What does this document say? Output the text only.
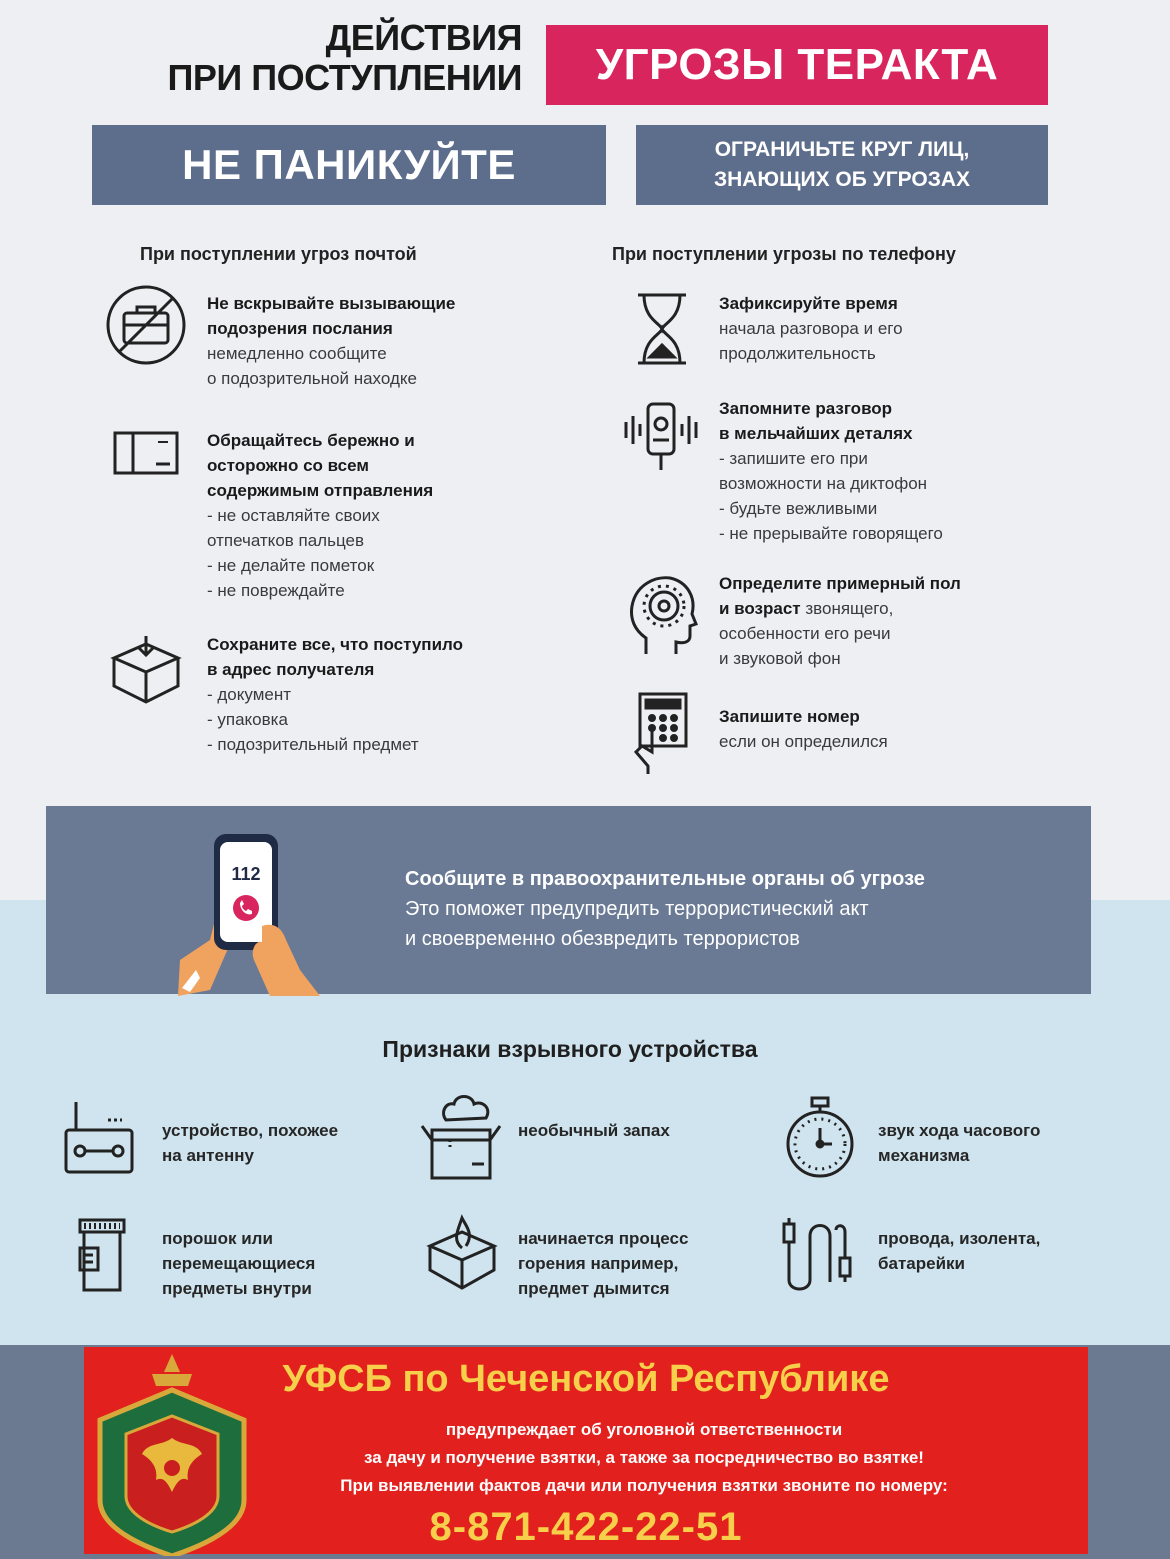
ДЕЙСТВИЯ
ПРИ ПОСТУПЛЕНИИ	УГРОЗЫ ТЕРАКТА
НЕ ПАНИКУЙТЕ	ОГРАНИЧЬТЕ КРУГ ЛИЦ,
ЗНАЮЩИХ ОБ УГРОЗАХ
При поступлении угроз почтой
Не вскрывайте вызывающие
подозрения послания
немедленно сообщите
о подозрительной находке
Обращайтесь бережно и
осторожно со всем
содержимым отправления
- не оставляйте своих
отпечатков пальцев
- не делайте пометок
- не повреждайте
Сохраните все, что поступило
в адрес получателя
- документ
- упаковка
- подозрительный предмет
При поступлении угрозы по телефону
Зафиксируйте время
начала разговора и его
продолжительность
Запомните разговор
в мельчайших деталях
- запишите его при
возможности на диктофон
- будьте вежливыми
- не прерывайте говорящего
Определите примерный пол
и возраст звонящего,
особенности его речи
и звуковой фон
Запишите номер
если он определился
112	Сообщите в правоохранительные органы об угрозе
Это поможет предупредить террористический акт
и своевременно обезвредить террористов
Признаки взрывного устройства
устройство, похожее
на антенну
необычный запах	звук хода часового
механизма
порошок или
перемещающиеся
предметы внутри
начинается процесс
горения например,
предмет дымится
провода, изолента,
батарейки
УФСБ по Чеченской Республике
предупреждает об уголовной ответственности
за дачу и получение взятки, а также за посредничество во взятке!
При выявлении фактов дачи или получения взятки звоните по номеру:
8-871-422-22-51
